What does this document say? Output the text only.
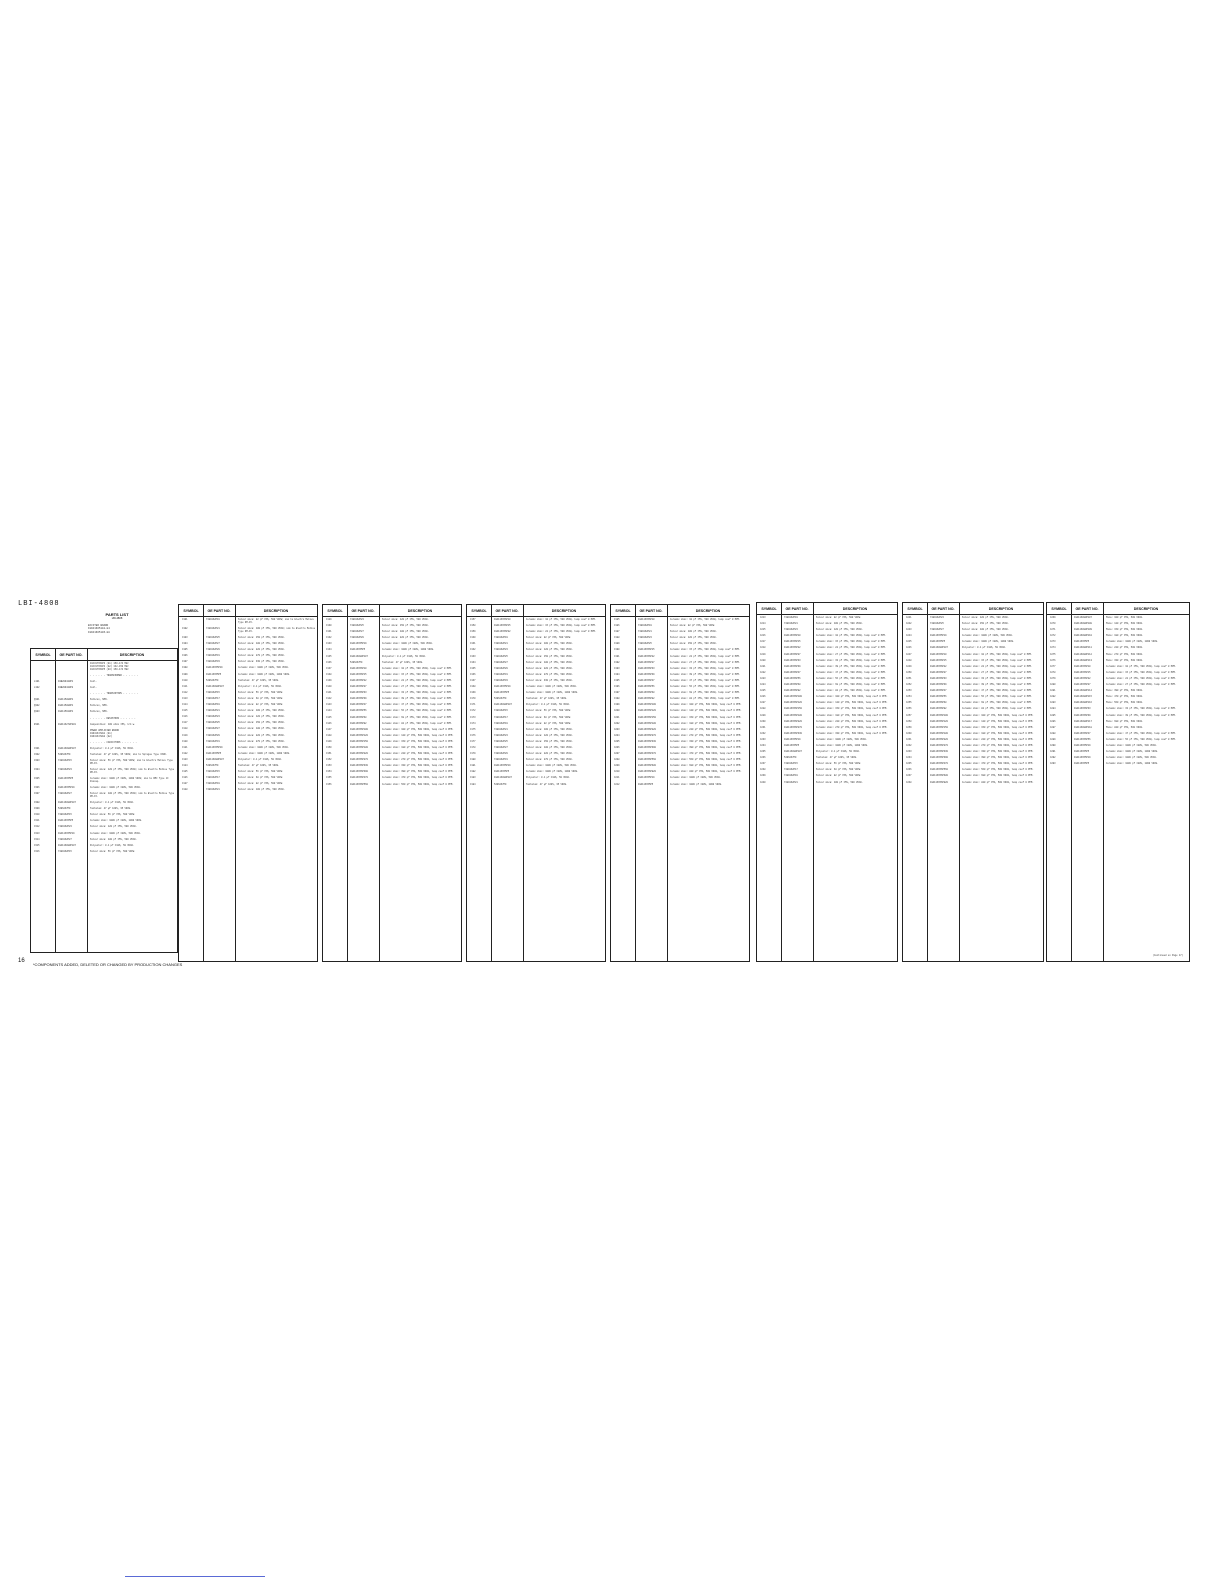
LBI-4808
PARTS LIST
LBI-4808
EXCITER BOARD
19D416651G1-G4
19D416651G5-G8
SYMBOL	GE PART NO.	DESCRIPTION
19C317654P3 (G1) 150-174 MHz
19C317654P4 (G2) 132-150 MHz
19C317654P5 (G3) 150-174 MHz
- - - - - - TRANSFORMER - - - - - -
L101	19B209420P1	Coil.
L102	19B209420P2	Coil.
- - - - - - TRANSISTORS - - - - - -
Q101	19A115889P1	Silicon, NPN.
Q102	19A115889P1	Silicon, NPN.
Q103	19A115910P1	Silicon, NPN.
- - - - - - RESISTORS - - - - - -
R101	19A116278P201	Composition: 100 ohms ±5%, 1/4 w.
POWER AMPLIFIER BOARD
19D416478G1 (G1)
19D416478G2 (G2)
- - - - - - CAPACITORS - - - - - -
C301	19A116080P107	Polyester: 0.1 µf ±10%, 50 VDCW.
C302	5496267P9	Tantalum: 47 µf ±20%, 35 VDCW; sim to Sprague Type 150D.
C303	7489162P15	Silver mica: 56 pf ±5%, 500 VDCW; sim to Electro Motive Type DM-15.
C304	7489162P23	Silver mica: 120 pf ±5%, 500 VDCW; sim to Electro Motive Type DM-15.
C305	19A116655P5	Ceramic disc: 1000 pf ±20%, 1000 VDCW; sim to RMC Type JF Discap.
C306	19A116655P19	Ceramic disc: 1000 pf ±20%, 500 VDCW.
C307	7489162P27	Silver mica: 180 pf ±5%, 500 VDCW; sim to Electro Motive Type DM-15.
C308	19A116080P107	Polyester: 0.1 µf ±10%, 50 VDCW.
C309	5496267P9	Tantalum: 47 µf ±20%, 35 VDCW.
C310	7489162P15	Silver mica: 56 pf ±5%, 500 VDCW.
C311	19A116655P5	Ceramic disc: 1000 pf ±20%, 1000 VDCW.
C312	7489162P23	Silver mica: 120 pf ±5%, 500 VDCW.
C313	19A116655P19	Ceramic disc: 1000 pf ±20%, 500 VDCW.
C314	7489162P27	Silver mica: 180 pf ±5%, 500 VDCW.
C315	19A116080P107	Polyester: 0.1 µf ±10%, 50 VDCW.
C316	7489162P15	Silver mica: 56 pf ±5%, 500 VDCW.
SYMBOL	GE PART NO.	DESCRIPTION
C101	7489162P19	Silver mica: 82 pf ±5%, 500 VDCW; sim to Electro Motive Type DM-15.
C102	7489162P21	Silver mica: 100 pf ±5%, 500 VDCW; sim to Electro Motive Type DM-15.
C103	7489162P25	Silver mica: 150 pf ±5%, 500 VDCW.
C104	7489162P27	Silver mica: 180 pf ±5%, 500 VDCW.
C105	7489162P29	Silver mica: 220 pf ±5%, 500 VDCW.
C106	7489162P31	Silver mica: 270 pf ±5%, 500 VDCW.
C107	7489162P33	Silver mica: 330 pf ±5%, 500 VDCW.
C108	19A116655P19	Ceramic disc: 1000 pf ±20%, 500 VDCW.
C109	19A116655P5	Ceramic disc: 1000 pf ±20%, 1000 VDCW.
C110	5496267P9	Tantalum: 47 µf ±20%, 35 VDCW.
C111	19A116080P107	Polyester: 0.1 µf ±10%, 50 VDCW.
C112	7489162P15	Silver mica: 56 pf ±5%, 500 VDCW.
C113	7489162P17	Silver mica: 68 pf ±5%, 500 VDCW.
C114	7489162P19	Silver mica: 82 pf ±5%, 500 VDCW.
C115	7489162P21	Silver mica: 100 pf ±5%, 500 VDCW.
C116	7489162P23	Silver mica: 120 pf ±5%, 500 VDCW.
C117	7489162P25	Silver mica: 150 pf ±5%, 500 VDCW.
C118	7489162P27	Silver mica: 180 pf ±5%, 500 VDCW.
C119	7489162P29	Silver mica: 220 pf ±5%, 500 VDCW.
C120	7489162P31	Silver mica: 270 pf ±5%, 500 VDCW.
C121	19A116655P19	Ceramic disc: 1000 pf ±20%, 500 VDCW.
C122	19A116655P5	Ceramic disc: 1000 pf ±20%, 1000 VDCW.
C123	19A116080P107	Polyester: 0.1 µf ±10%, 50 VDCW.
C124	5496267P9	Tantalum: 47 µf ±20%, 35 VDCW.
C125	7489162P15	Silver mica: 56 pf ±5%, 500 VDCW.
C126	7489162P17	Silver mica: 68 pf ±5%, 500 VDCW.
C127	7489162P19	Silver mica: 82 pf ±5%, 500 VDCW.
C128	7489162P21	Silver mica: 100 pf ±5%, 500 VDCW.
SYMBOL	GE PART NO.	DESCRIPTION
C129	7489162P23	Silver mica: 120 pf ±5%, 500 VDCW.
C130	7489162P25	Silver mica: 150 pf ±5%, 500 VDCW.
C131	7489162P27	Silver mica: 180 pf ±5%, 500 VDCW.
C132	7489162P29	Silver mica: 220 pf ±5%, 500 VDCW.
C133	19A116655P19	Ceramic disc: 1000 pf ±20%, 500 VDCW.
C134	19A116655P5	Ceramic disc: 1000 pf ±20%, 1000 VDCW.
C135	19A116080P107	Polyester: 0.1 µf ±10%, 50 VDCW.
C136	5496267P9	Tantalum: 47 µf ±20%, 35 VDCW.
C137	19A116656P10	Ceramic disc: 10 pf ±5%, 500 VDCW, temp coef 0 PPM.
C138	19A116656P15	Ceramic disc: 15 pf ±5%, 500 VDCW, temp coef 0 PPM.
C139	19A116656P22	Ceramic disc: 22 pf ±5%, 500 VDCW, temp coef 0 PPM.
C140	19A116656P27	Ceramic disc: 27 pf ±5%, 500 VDCW, temp coef 0 PPM.
C141	19A116656P33	Ceramic disc: 33 pf ±5%, 500 VDCW, temp coef 0 PPM.
C142	19A116656P39	Ceramic disc: 39 pf ±5%, 500 VDCW, temp coef 0 PPM.
C143	19A116656P47	Ceramic disc: 47 pf ±5%, 500 VDCW, temp coef 0 PPM.
C144	19A116656P56	Ceramic disc: 56 pf ±5%, 500 VDCW, temp coef 0 PPM.
C145	19A116656P68	Ceramic disc: 68 pf ±5%, 500 VDCW, temp coef 0 PPM.
C146	19A116656P82	Ceramic disc: 82 pf ±5%, 500 VDCW, temp coef 0 PPM.
C147	19A116656P100	Ceramic disc: 100 pf ±5%, 500 VDCW, temp coef 0 PPM.
C148	19A116656P120	Ceramic disc: 120 pf ±5%, 500 VDCW, temp coef 0 PPM.
C149	19A116656P150	Ceramic disc: 150 pf ±5%, 500 VDCW, temp coef 0 PPM.
C150	19A116656P180	Ceramic disc: 180 pf ±5%, 500 VDCW, temp coef 0 PPM.
C151	19A116656P220	Ceramic disc: 220 pf ±5%, 500 VDCW, temp coef 0 PPM.
C152	19A116656P270	Ceramic disc: 270 pf ±5%, 500 VDCW, temp coef 0 PPM.
C153	19A116656P330	Ceramic disc: 330 pf ±5%, 500 VDCW, temp coef 0 PPM.
C154	19A116656P390	Ceramic disc: 390 pf ±5%, 500 VDCW, temp coef 0 PPM.
C155	19A116656P470	Ceramic disc: 470 pf ±5%, 500 VDCW, temp coef 0 PPM.
C156	19A116656P560	Ceramic disc: 560 pf ±5%, 500 VDCW, temp coef 0 PPM.
SYMBOL	GE PART NO.	DESCRIPTION
C157	19A116656P10	Ceramic disc: 10 pf ±5%, 500 VDCW, temp coef 0 PPM.
C158	19A116656P15	Ceramic disc: 15 pf ±5%, 500 VDCW, temp coef 0 PPM.
C159	19A116656P22	Ceramic disc: 22 pf ±5%, 500 VDCW, temp coef 0 PPM.
C160	7489162P19	Silver mica: 82 pf ±5%, 500 VDCW.
C161	7489162P21	Silver mica: 100 pf ±5%, 500 VDCW.
C162	7489162P23	Silver mica: 120 pf ±5%, 500 VDCW.
C163	7489162P25	Silver mica: 150 pf ±5%, 500 VDCW.
C164	7489162P27	Silver mica: 180 pf ±5%, 500 VDCW.
C165	7489162P29	Silver mica: 220 pf ±5%, 500 VDCW.
C166	7489162P31	Silver mica: 270 pf ±5%, 500 VDCW.
C167	7489162P33	Silver mica: 330 pf ±5%, 500 VDCW.
C168	19A116655P19	Ceramic disc: 1000 pf ±20%, 500 VDCW.
C169	19A116655P5	Ceramic disc: 1000 pf ±20%, 1000 VDCW.
C170	5496267P9	Tantalum: 47 µf ±20%, 35 VDCW.
C171	19A116080P107	Polyester: 0.1 µf ±10%, 50 VDCW.
C172	7489162P15	Silver mica: 56 pf ±5%, 500 VDCW.
C173	7489162P17	Silver mica: 68 pf ±5%, 500 VDCW.
C174	7489162P19	Silver mica: 82 pf ±5%, 500 VDCW.
C175	7489162P21	Silver mica: 100 pf ±5%, 500 VDCW.
C176	7489162P23	Silver mica: 120 pf ±5%, 500 VDCW.
C177	7489162P25	Silver mica: 150 pf ±5%, 500 VDCW.
C178	7489162P27	Silver mica: 180 pf ±5%, 500 VDCW.
C179	7489162P29	Silver mica: 220 pf ±5%, 500 VDCW.
C180	7489162P31	Silver mica: 270 pf ±5%, 500 VDCW.
C181	19A116655P19	Ceramic disc: 1000 pf ±20%, 500 VDCW.
C182	19A116655P5	Ceramic disc: 1000 pf ±20%, 1000 VDCW.
C183	19A116080P107	Polyester: 0.1 µf ±10%, 50 VDCW.
C184	5496267P9	Tantalum: 47 µf ±20%, 35 VDCW.
SYMBOL	GE PART NO.	DESCRIPTION
C185	19A116656P10	Ceramic disc: 10 pf ±5%, 500 VDCW, temp coef 0 PPM.
C186	7489162P19	Silver mica: 82 pf ±5%, 500 VDCW.
C187	7489162P21	Silver mica: 100 pf ±5%, 500 VDCW.
C188	7489162P23	Silver mica: 120 pf ±5%, 500 VDCW.
C189	7489162P25	Silver mica: 150 pf ±5%, 500 VDCW.
C190	19A116656P15	Ceramic disc: 15 pf ±5%, 500 VDCW, temp coef 0 PPM.
C191	19A116656P22	Ceramic disc: 22 pf ±5%, 500 VDCW, temp coef 0 PPM.
C192	19A116656P27	Ceramic disc: 27 pf ±5%, 500 VDCW, temp coef 0 PPM.
C193	19A116656P33	Ceramic disc: 33 pf ±5%, 500 VDCW, temp coef 0 PPM.
C194	19A116656P39	Ceramic disc: 39 pf ±5%, 500 VDCW, temp coef 0 PPM.
C195	19A116656P47	Ceramic disc: 47 pf ±5%, 500 VDCW, temp coef 0 PPM.
C196	19A116656P56	Ceramic disc: 56 pf ±5%, 500 VDCW, temp coef 0 PPM.
C197	19A116656P68	Ceramic disc: 68 pf ±5%, 500 VDCW, temp coef 0 PPM.
C198	19A116656P82	Ceramic disc: 82 pf ±5%, 500 VDCW, temp coef 0 PPM.
C199	19A116656P100	Ceramic disc: 100 pf ±5%, 500 VDCW, temp coef 0 PPM.
C200	19A116656P120	Ceramic disc: 120 pf ±5%, 500 VDCW, temp coef 0 PPM.
C201	19A116656P150	Ceramic disc: 150 pf ±5%, 500 VDCW, temp coef 0 PPM.
C202	19A116656P180	Ceramic disc: 180 pf ±5%, 500 VDCW, temp coef 0 PPM.
C203	19A116656P220	Ceramic disc: 220 pf ±5%, 500 VDCW, temp coef 0 PPM.
C204	19A116656P270	Ceramic disc: 270 pf ±5%, 500 VDCW, temp coef 0 PPM.
C205	19A116656P330	Ceramic disc: 330 pf ±5%, 500 VDCW, temp coef 0 PPM.
C206	19A116656P390	Ceramic disc: 390 pf ±5%, 500 VDCW, temp coef 0 PPM.
C207	19A116656P470	Ceramic disc: 470 pf ±5%, 500 VDCW, temp coef 0 PPM.
C208	19A116656P560	Ceramic disc: 560 pf ±5%, 500 VDCW, temp coef 0 PPM.
C209	19A116656P680	Ceramic disc: 680 pf ±5%, 500 VDCW, temp coef 0 PPM.
C210	19A116656P820	Ceramic disc: 820 pf ±5%, 500 VDCW, temp coef 0 PPM.
C211	19A116655P19	Ceramic disc: 1000 pf ±20%, 500 VDCW.
C212	19A116655P5	Ceramic disc: 1000 pf ±20%, 1000 VDCW.
SYMBOL	GE PART NO.	DESCRIPTION
C213	7489162P19	Silver mica: 82 pf ±5%, 500 VDCW.
C214	7489162P21	Silver mica: 100 pf ±5%, 500 VDCW.
C215	7489162P23	Silver mica: 120 pf ±5%, 500 VDCW.
C216	19A116656P10	Ceramic disc: 10 pf ±5%, 500 VDCW, temp coef 0 PPM.
C217	19A116656P15	Ceramic disc: 15 pf ±5%, 500 VDCW, temp coef 0 PPM.
C218	19A116656P22	Ceramic disc: 22 pf ±5%, 500 VDCW, temp coef 0 PPM.
C219	19A116656P27	Ceramic disc: 27 pf ±5%, 500 VDCW, temp coef 0 PPM.
C220	19A116656P33	Ceramic disc: 33 pf ±5%, 500 VDCW, temp coef 0 PPM.
C221	19A116656P39	Ceramic disc: 39 pf ±5%, 500 VDCW, temp coef 0 PPM.
C222	19A116656P47	Ceramic disc: 47 pf ±5%, 500 VDCW, temp coef 0 PPM.
C223	19A116656P56	Ceramic disc: 56 pf ±5%, 500 VDCW, temp coef 0 PPM.
C224	19A116656P68	Ceramic disc: 68 pf ±5%, 500 VDCW, temp coef 0 PPM.
C225	19A116656P82	Ceramic disc: 82 pf ±5%, 500 VDCW, temp coef 0 PPM.
C226	19A116656P100	Ceramic disc: 100 pf ±5%, 500 VDCW, temp coef 0 PPM.
C227	19A116656P120	Ceramic disc: 120 pf ±5%, 500 VDCW, temp coef 0 PPM.
C228	19A116656P150	Ceramic disc: 150 pf ±5%, 500 VDCW, temp coef 0 PPM.
C229	19A116656P180	Ceramic disc: 180 pf ±5%, 500 VDCW, temp coef 0 PPM.
C230	19A116656P220	Ceramic disc: 220 pf ±5%, 500 VDCW, temp coef 0 PPM.
C231	19A116656P270	Ceramic disc: 270 pf ±5%, 500 VDCW, temp coef 0 PPM.
C232	19A116656P330	Ceramic disc: 330 pf ±5%, 500 VDCW, temp coef 0 PPM.
C233	19A116655P19	Ceramic disc: 1000 pf ±20%, 500 VDCW.
C234	19A116655P5	Ceramic disc: 1000 pf ±20%, 1000 VDCW.
C235	19A116080P107	Polyester: 0.1 µf ±10%, 50 VDCW.
C236	5496267P9	Tantalum: 47 µf ±20%, 35 VDCW.
C237	7489162P15	Silver mica: 56 pf ±5%, 500 VDCW.
C238	7489162P17	Silver mica: 68 pf ±5%, 500 VDCW.
C239	7489162P19	Silver mica: 82 pf ±5%, 500 VDCW.
C240	7489162P21	Silver mica: 100 pf ±5%, 500 VDCW.
SYMBOL	GE PART NO.	DESCRIPTION
C241	7489162P23	Silver mica: 120 pf ±5%, 500 VDCW.
C242	7489162P25	Silver mica: 150 pf ±5%, 500 VDCW.
C243	7489162P27	Silver mica: 180 pf ±5%, 500 VDCW.
C244	19A116655P19	Ceramic disc: 1000 pf ±20%, 500 VDCW.
C245	19A116655P5	Ceramic disc: 1000 pf ±20%, 1000 VDCW.
C246	19A116080P107	Polyester: 0.1 µf ±10%, 50 VDCW.
C247	19A116656P10	Ceramic disc: 10 pf ±5%, 500 VDCW, temp coef 0 PPM.
C248	19A116656P15	Ceramic disc: 15 pf ±5%, 500 VDCW, temp coef 0 PPM.
C249	19A116656P22	Ceramic disc: 22 pf ±5%, 500 VDCW, temp coef 0 PPM.
C250	19A116656P27	Ceramic disc: 27 pf ±5%, 500 VDCW, temp coef 0 PPM.
C251	19A116656P33	Ceramic disc: 33 pf ±5%, 500 VDCW, temp coef 0 PPM.
C252	19A116656P39	Ceramic disc: 39 pf ±5%, 500 VDCW, temp coef 0 PPM.
C253	19A116656P47	Ceramic disc: 47 pf ±5%, 500 VDCW, temp coef 0 PPM.
C254	19A116656P56	Ceramic disc: 56 pf ±5%, 500 VDCW, temp coef 0 PPM.
C255	19A116656P68	Ceramic disc: 68 pf ±5%, 500 VDCW, temp coef 0 PPM.
C256	19A116656P82	Ceramic disc: 82 pf ±5%, 500 VDCW, temp coef 0 PPM.
C257	19A116656P100	Ceramic disc: 100 pf ±5%, 500 VDCW, temp coef 0 PPM.
C258	19A116656P120	Ceramic disc: 120 pf ±5%, 500 VDCW, temp coef 0 PPM.
C259	19A116656P150	Ceramic disc: 150 pf ±5%, 500 VDCW, temp coef 0 PPM.
C260	19A116656P180	Ceramic disc: 180 pf ±5%, 500 VDCW, temp coef 0 PPM.
C261	19A116656P220	Ceramic disc: 220 pf ±5%, 500 VDCW, temp coef 0 PPM.
C262	19A116656P270	Ceramic disc: 270 pf ±5%, 500 VDCW, temp coef 0 PPM.
C263	19A116656P330	Ceramic disc: 330 pf ±5%, 500 VDCW, temp coef 0 PPM.
C264	19A116656P390	Ceramic disc: 390 pf ±5%, 500 VDCW, temp coef 0 PPM.
C265	19A116656P470	Ceramic disc: 470 pf ±5%, 500 VDCW, temp coef 0 PPM.
C266	19A116656P560	Ceramic disc: 560 pf ±5%, 500 VDCW, temp coef 0 PPM.
C267	19A116656P680	Ceramic disc: 680 pf ±5%, 500 VDCW, temp coef 0 PPM.
C268	19A116656P820	Ceramic disc: 820 pf ±5%, 500 VDCW, temp coef 0 PPM.
SYMBOL	GE PART NO.	DESCRIPTION
C269	19A116080P107	Mica: 100 pf ±5%, 500 VDCW.
C270	19A116080P108	Mica: 120 pf ±5%, 500 VDCW.
C271	19A116080P109	Mica: 150 pf ±5%, 500 VDCW.
C272	19A116080P110	Mica: 180 pf ±5%, 500 VDCW.
C273	19A116655P5	Ceramic disc: 1000 pf ±20%, 1000 VDCW.
C274	19A116080P111	Mica: 220 pf ±5%, 500 VDCW.
C275	19A116080P112	Mica: 270 pf ±5%, 500 VDCW.
C276	19A116080P113	Mica: 330 pf ±5%, 500 VDCW.
C277	19A116656P10	Ceramic disc: 10 pf ±5%, 500 VDCW, temp coef 0 PPM.
C278	19A116656P15	Ceramic disc: 15 pf ±5%, 500 VDCW, temp coef 0 PPM.
C279	19A116656P22	Ceramic disc: 22 pf ±5%, 500 VDCW, temp coef 0 PPM.
C280	19A116656P27	Ceramic disc: 27 pf ±5%, 500 VDCW, temp coef 0 PPM.
C281	19A116080P114	Mica: 390 pf ±5%, 500 VDCW.
C282	19A116080P115	Mica: 470 pf ±5%, 500 VDCW.
C283	19A116080P116	Mica: 560 pf ±5%, 500 VDCW.
C284	19A116656P33	Ceramic disc: 33 pf ±5%, 500 VDCW, temp coef 0 PPM.
C285	19A116656P39	Ceramic disc: 39 pf ±5%, 500 VDCW, temp coef 0 PPM.
C286	19A116080P117	Mica: 680 pf ±5%, 500 VDCW.
C287	19A116080P118	Mica: 820 pf ±5%, 500 VDCW.
C288	19A116656P47	Ceramic disc: 47 pf ±5%, 500 VDCW, temp coef 0 PPM.
C289	19A116656P56	Ceramic disc: 56 pf ±5%, 500 VDCW, temp coef 0 PPM.
C290	19A116655P19	Ceramic disc: 1000 pf ±20%, 500 VDCW.
C291	19A116655P5	Ceramic disc: 1000 pf ±20%, 1000 VDCW.
C292	19A116655P19	Ceramic disc: 1000 pf ±20%, 500 VDCW.
C293	19A116655P5	Ceramic disc: 1000 pf ±20%, 1000 VDCW.
(Continued on Page 17)
16
*COMPONENTS ADDED, DELETED OR CHANGED BY PRODUCTION CHANGES
